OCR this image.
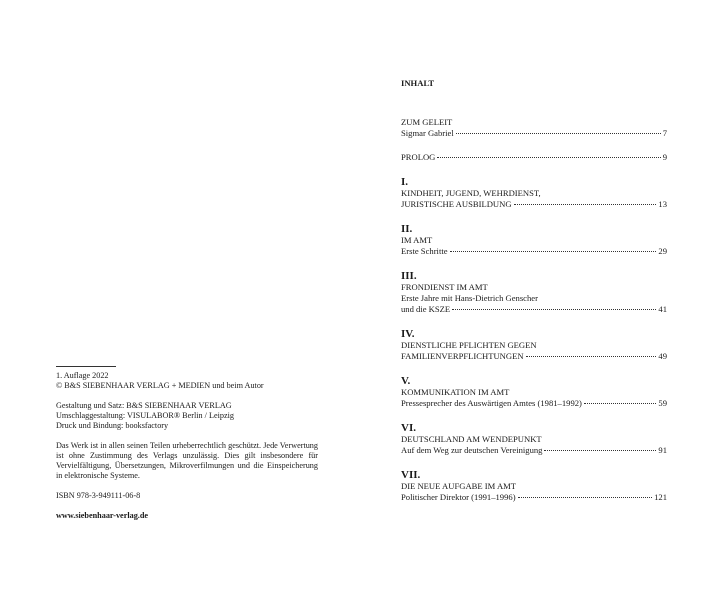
1. Auflage 2022

© B&S SIEBENHAAR VERLAG + MEDIEN und beim Autor

Gestaltung und Satz: B&S SIEBENHAAR VERLAG

Umschlaggestaltung: VISULABOR® Berlin / Leipzig

Druck und Bindung: booksfactory

Das Werk ist in allen seinen Teilen urheberrechtlich geschützt. Jede Verwertung ist ohne Zustimmung des Verlags unzulässig. Dies gilt insbesondere für Vervielfältigung, Übersetzungen, Mikroverfilmungen und die Einspeicherung in elektronische Systeme.

ISBN 978-3-949111-06-8

www.siebenhaar-verlag.de

INHALT
ZUM GELEIT
Sigmar Gabriel	7
PROLOG	9
I.
KINDHEIT, JUGEND, WEHRDIENST,
JURISTISCHE AUSBILDUNG	13
II.
IM AMT
Erste Schritte	29
III.
FRONDIENST IM AMT
Erste Jahre mit Hans-Dietrich Genscher
und die KSZE	41
IV.
DIENSTLICHE PFLICHTEN GEGEN
FAMILIENVERPFLICHTUNGEN	49
V.
KOMMUNIKATION IM AMT
Pressesprecher des Auswärtigen Amtes (1981–1992)	59
VI.
DEUTSCHLAND AM WENDEPUNKT
Auf dem Weg zur deutschen Vereinigung	91
VII.
DIE NEUE AUFGABE IM AMT
Politischer Direktor (1991–1996)	121
